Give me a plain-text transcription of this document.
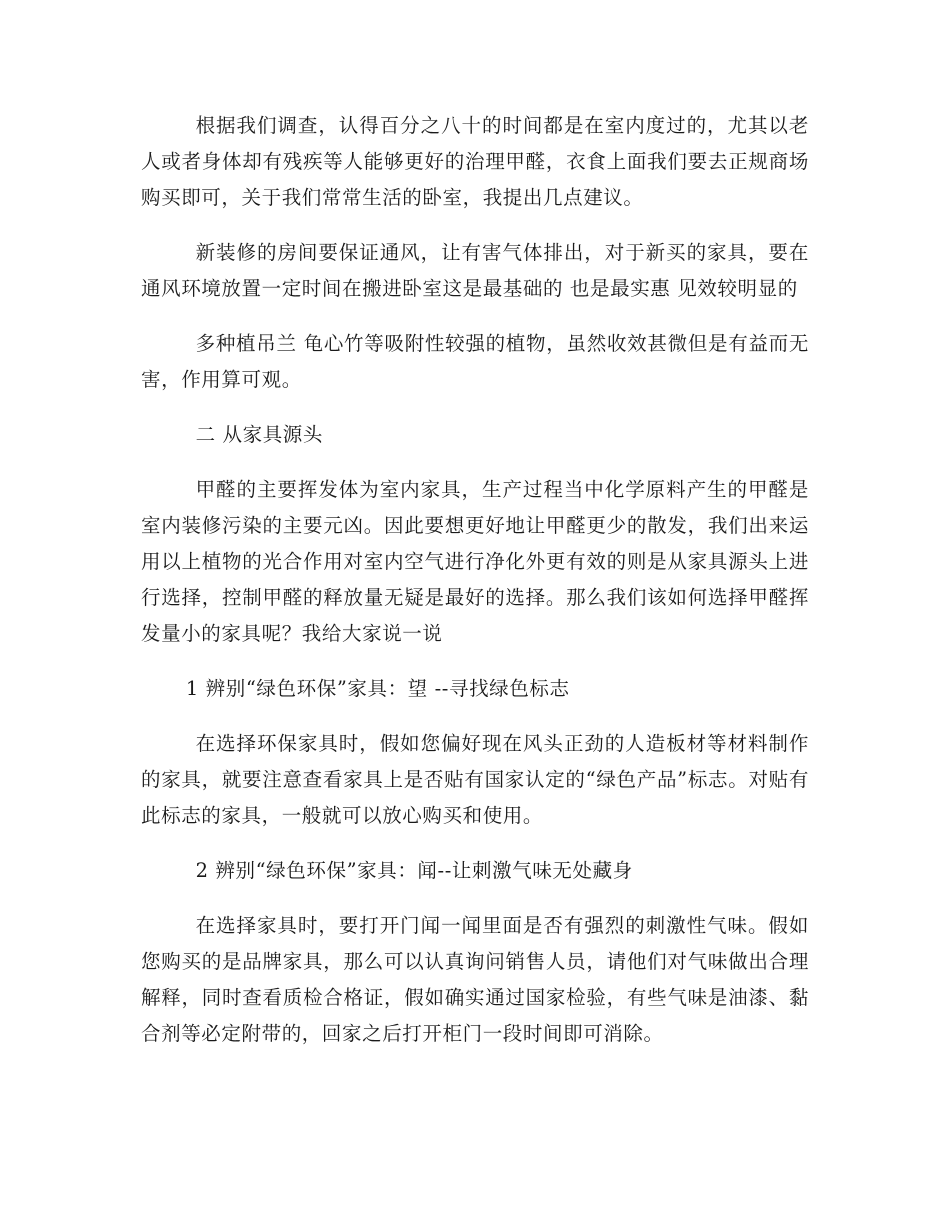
根据我们调查，认得百分之八十的时间都是在室内度过的，尤其以老人或者身体却有残疾等人能够更好的治理甲醛，衣食上面我们要去正规商场购买即可，关于我们常常生活的卧室，我提出几点建议。

新装修的房间要保证通风，让有害气体排出，对于新买的家具，要在通风环境放置一定时间在搬进卧室这是最基础的 也是最实惠 见效较明显的

多种植吊兰 龟心竹等吸附性较强的植物，虽然收效甚微但是有益而无害，作用算可观。

二 从家具源头

甲醛的主要挥发体为室内家具，生产过程当中化学原料产生的甲醛是室内装修污染的主要元凶。因此要想更好地让甲醛更少的散发，我们出来运用以上植物的光合作用对室内空气进行净化外更有效的则是从家具源头上进行选择，控制甲醛的释放量无疑是最好的选择。那么我们该如何选择甲醛挥发量小的家具呢？我给大家说一说

1 辨别“绿色环保”家具：望 --寻找绿色标志

在选择环保家具时，假如您偏好现在风头正劲的人造板材等材料制作的家具，就要注意查看家具上是否贴有国家认定的“绿色产品”标志。对贴有此标志的家具，一般就可以放心购买和使用。

2 辨别“绿色环保”家具：闻--让刺激气味无处藏身

在选择家具时，要打开门闻一闻里面是否有强烈的刺激性气味。假如您购买的是品牌家具，那么可以认真询问销售人员，请他们对气味做出合理解释，同时查看质检合格证，假如确实通过国家检验，有些气味是油漆、黏合剂等必定附带的，回家之后打开柜门一段时间即可消除。
